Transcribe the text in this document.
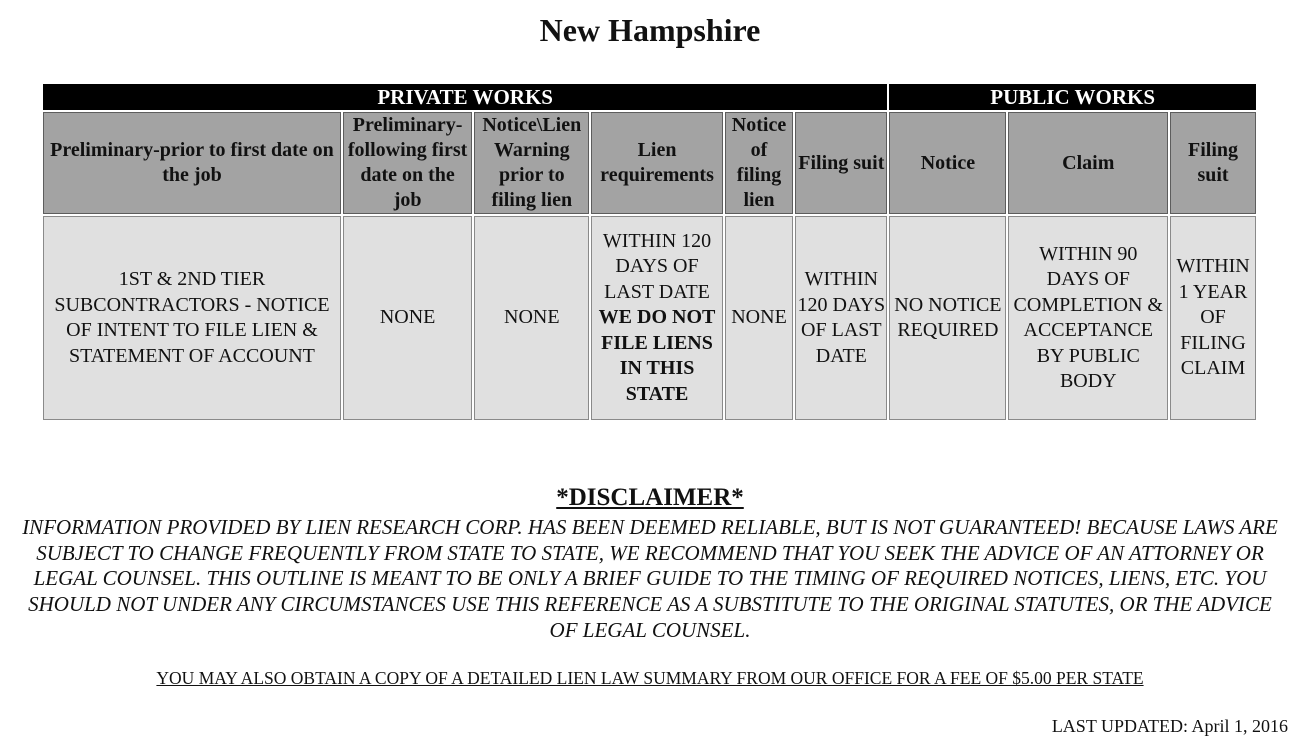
New Hampshire
PRIVATE WORKS						PUBLIC WORKS		
Preliminary-prior to first date on the job	Preliminary-following first date on the job	Notice\Lien Warning prior to filing lien	Lien requirements	Notice of filing lien	Filing suit	Notice	Claim	Filing suit
1ST & 2ND TIER SUBCONTRACTORS - NOTICE OF INTENT TO FILE LIEN & STATEMENT OF ACCOUNT	NONE	NONE	WITHIN 120 DAYS OF LAST DATE WE DO NOT FILE LIENS IN THIS STATE	NONE	WITHIN 120 DAYS OF LAST DATE	NO NOTICE REQUIRED	WITHIN 90 DAYS OF COMPLETION & ACCEPTANCE BY PUBLIC BODY	WITHIN 1 YEAR OF FILING CLAIM

*DISCLAIMER*

INFORMATION PROVIDED BY LIEN RESEARCH CORP. HAS BEEN DEEMED RELIABLE, BUT IS NOT GUARANTEED! BECAUSE LAWS ARE SUBJECT TO CHANGE FREQUENTLY FROM STATE TO STATE, WE RECOMMEND THAT YOU SEEK THE ADVICE OF AN ATTORNEY OR LEGAL COUNSEL. THIS OUTLINE IS MEANT TO BE ONLY A BRIEF GUIDE TO THE TIMING OF REQUIRED NOTICES, LIENS, ETC. YOU SHOULD NOT UNDER ANY CIRCUMSTANCES USE THIS REFERENCE AS A SUBSTITUTE TO THE ORIGINAL STATUTES, OR THE ADVICE OF LEGAL COUNSEL.

YOU MAY ALSO OBTAIN A COPY OF A DETAILED LIEN LAW SUMMARY FROM OUR OFFICE FOR A FEE OF $5.00 PER STATE

LAST UPDATED: April 1, 2016
